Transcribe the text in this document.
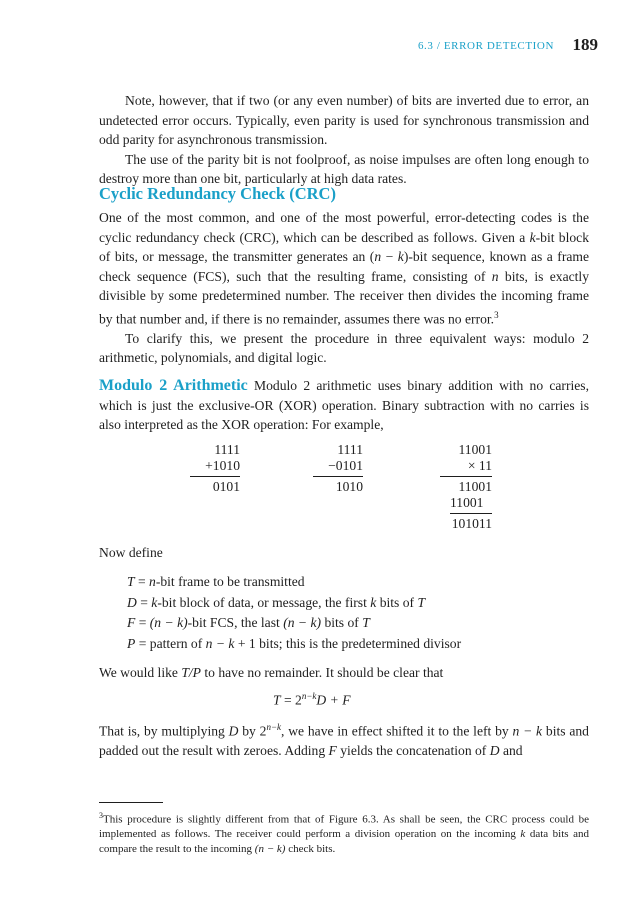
6.3 / ERROR DETECTION 189
Note, however, that if two (or any even number) of bits are inverted due to error, an undetected error occurs. Typically, even parity is used for synchronous transmission and odd parity for asynchronous transmission.
The use of the parity bit is not foolproof, as noise impulses are often long enough to destroy more than one bit, particularly at high data rates.
Cyclic Redundancy Check (CRC)
One of the most common, and one of the most powerful, error-detecting codes is the cyclic redundancy check (CRC), which can be described as follows. Given a k-bit block of bits, or message, the transmitter generates an (n − k)-bit sequence, known as a frame check sequence (FCS), such that the resulting frame, consisting of n bits, is exactly divisible by some predetermined number. The receiver then divides the incoming frame by that number and, if there is no remainder, assumes there was no error.$^3$
To clarify this, we present the procedure in three equivalent ways: modulo 2 arithmetic, polynomials, and digital logic.
Modulo 2 Arithmetic Modulo 2 arithmetic uses binary addition with no carries, which is just the exclusive-OR (XOR) operation. Binary subtraction with no carries is also interpreted as the XOR operation: For example,
1111
+1010
0101
1111
−0101
1010
11001
× 11
11001
11001
101011
Now define
T = n-bit frame to be transmitted
D = k-bit block of data, or message, the first k bits of T
F = (n − k)-bit FCS, the last (n − k) bits of T
P = pattern of n − k + 1 bits; this is the predetermined divisor
We would like T/P to have no remainder. It should be clear that
$T = 2^{n-k}D + F$
That is, by multiplying D by $2^{n-k}$, we have in effect shifted it to the left by n − k bits and padded out the result with zeroes. Adding F yields the concatenation of D and
$^3$This procedure is slightly different from that of Figure 6.3. As shall be seen, the CRC process could be implemented as follows. The receiver could perform a division operation on the incoming k data bits and compare the result to the incoming (n − k) check bits.
